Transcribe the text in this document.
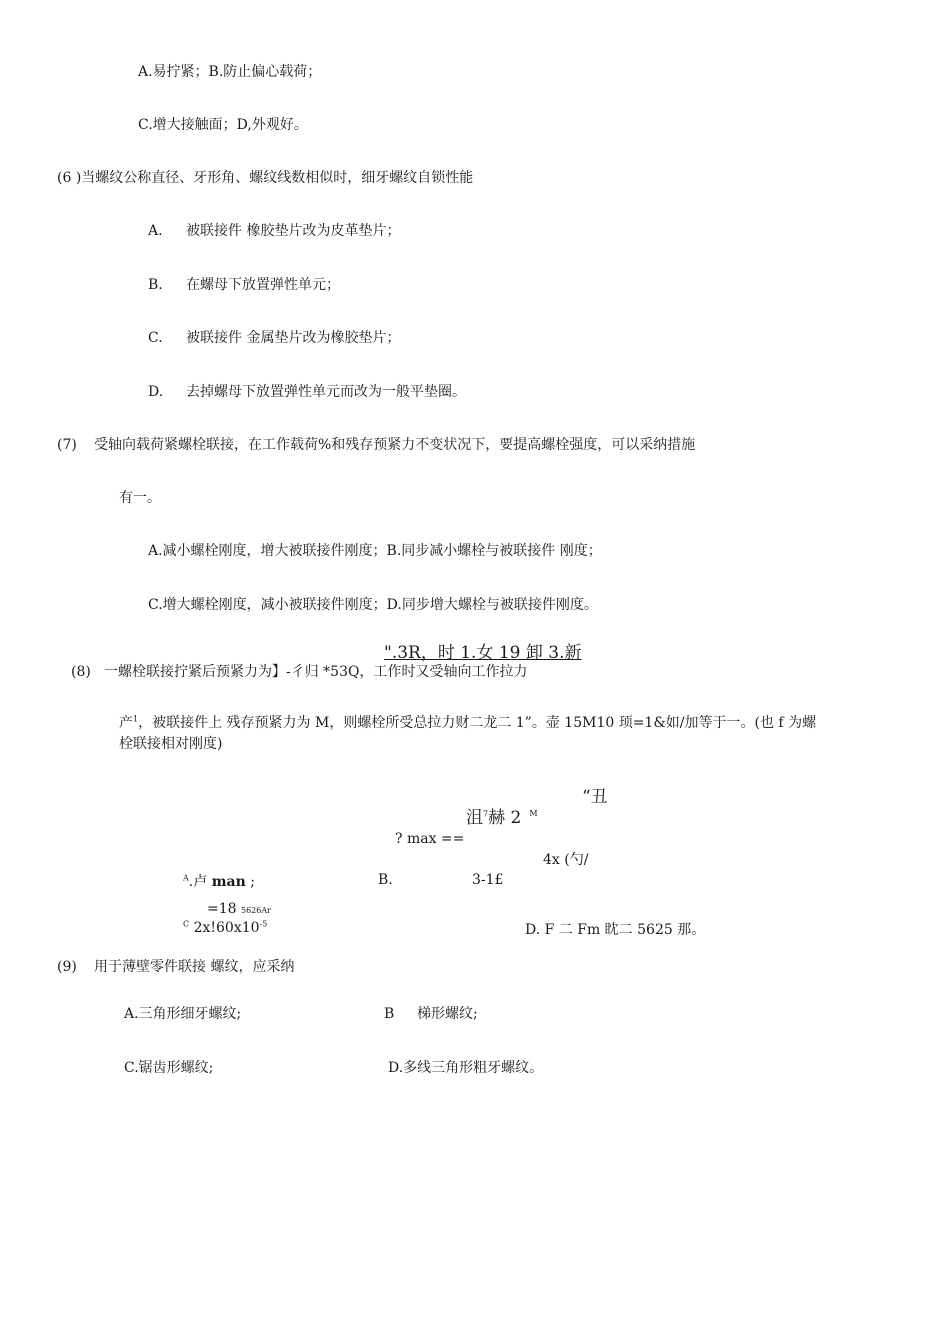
A.易拧紧；B.防止偏心载荷；
C.增大接触面；D,外观好。
(6 )当螺纹公称直径、牙形角、螺纹线数相似时，细牙螺纹自锁性能
A. 被联接件 橡胶垫片改为皮革垫片；
B. 在螺母下放置弹性单元；
C. 被联接件 金属垫片改为橡胶垫片；
D. 去掉螺母下放置弹性单元而改为一般平垫圈。
(7) 受轴向载荷紧螺栓联接，在工作载荷%和残存预紧力不变状况下，要提高螺栓强度，可以采纳措施
有一。
A.减小螺栓刚度，增大被联接件刚度；B.同步减小螺栓与被联接件 刚度；
C.增大螺栓刚度，减小被联接件刚度；D.同步增大螺栓与被联接件刚度。
".3R，时 1.女 19 卸 3.新
(8) 一螺栓联接拧紧后预紧力为】-彳归 *53Q，工作时又受轴向工作拉力
产$^1$，被联接件上 残存预紧力为 M，则螺栓所受总拉力财二龙二 1”。壶 15M10 顼=1&如/加等于一。(也 f 为螺
栓联接相对刚度)
“丑
沮$^7$赫 2 $^M$
? max ==
4x (勺/
$^A$.卢 man ;	B.	3-1£
=18 5626Ar
$^C$ $2x!60x10^{-5}$	D. F 二 Fm 眈二 5625 那。
(9) 用于薄壁零件联接 螺纹，应采纳
A.三角形细牙螺纹;	B 梯形螺纹;
C.锯齿形螺纹;	D.多线三角形粗牙螺纹。
